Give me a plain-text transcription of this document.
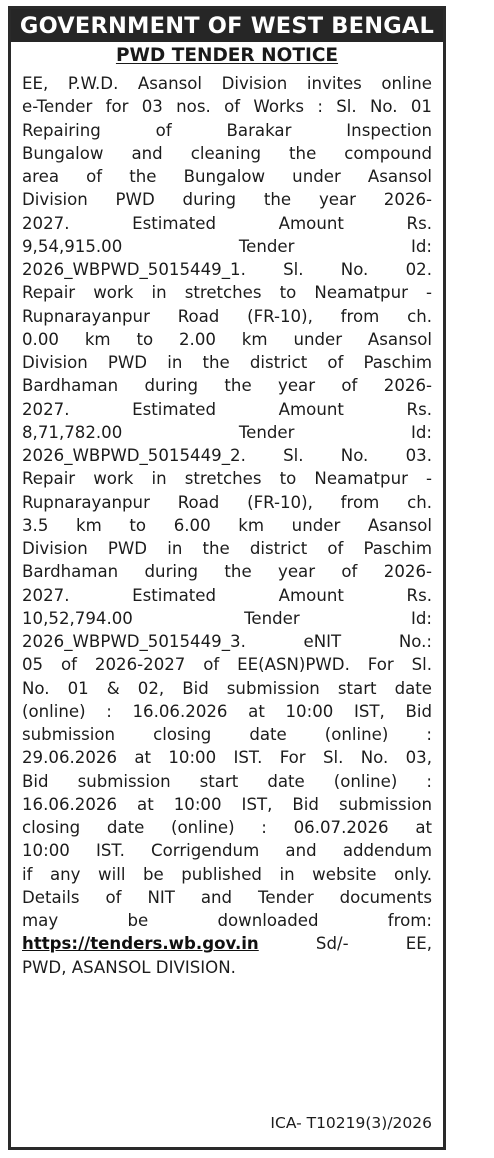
GOVERNMENT OF WEST BENGAL
PWD TENDER NOTICE
EE, P.W.D. Asansol Division invites online
e-Tender for 03 nos. of Works : Sl. No. 01
Repairing of Barakar Inspection
Bungalow and cleaning the compound
area of the Bungalow under Asansol
Division PWD during the year 2026-
2027. Estimated Amount Rs.
9,54,915.00 Tender Id:
2026_WBPWD_5015449_1. Sl. No. 02.
Repair work in stretches to Neamatpur -
Rupnarayanpur Road (FR-10), from ch.
0.00 km to 2.00 km under Asansol
Division PWD in the district of Paschim
Bardhaman during the year of 2026-
2027. Estimated Amount Rs.
8,71,782.00 Tender Id:
2026_WBPWD_5015449_2. Sl. No. 03.
Repair work in stretches to Neamatpur -
Rupnarayanpur Road (FR-10), from ch.
3.5 km to 6.00 km under Asansol
Division PWD in the district of Paschim
Bardhaman during the year of 2026-
2027. Estimated Amount Rs.
10,52,794.00 Tender Id:
2026_WBPWD_5015449_3. eNIT No.:
05 of 2026-2027 of EE(ASN)PWD. For Sl.
No. 01 & 02, Bid submission start date
(online) : 16.06.2026 at 10:00 IST, Bid
submission closing date (online) :
29.06.2026 at 10:00 IST. For Sl. No. 03,
Bid submission start date (online) :
16.06.2026 at 10:00 IST, Bid submission
closing date (online) : 06.07.2026 at
10:00 IST. Corrigendum and addendum
if any will be published in website only.
Details of NIT and Tender documents
may be downloaded from:
https://tenders.wb.gov.in Sd/- EE,
PWD, ASANSOL DIVISION.
ICA- T10219(3)/2026
